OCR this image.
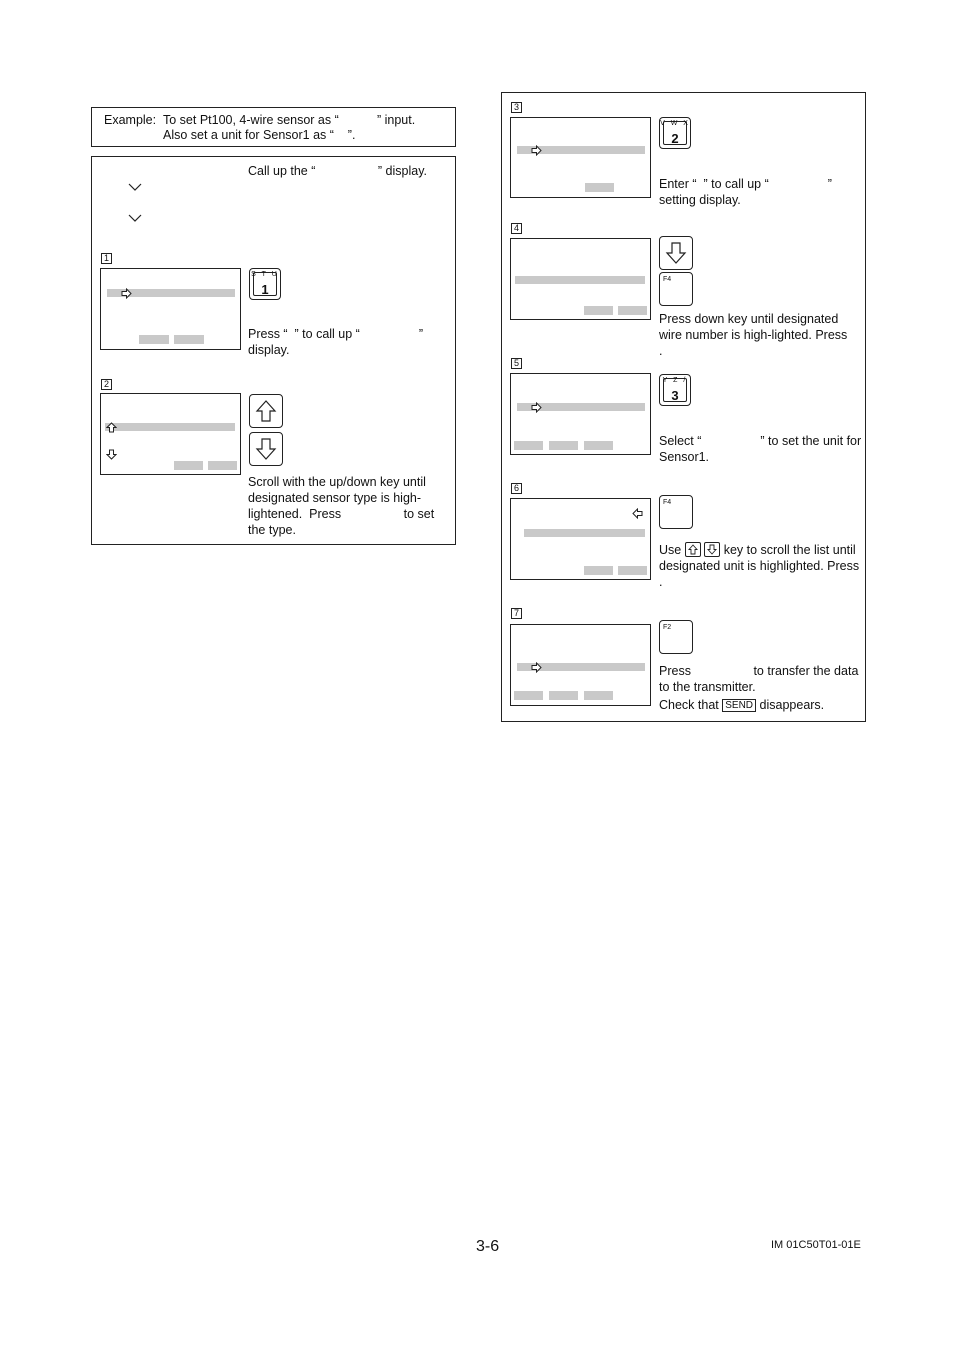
Example: To set Pt100, 4-wire sensor as “           ” input.
Also set a unit for Sensor1 as “    ”.
Call up the “                  ” display.
1
S T U
1
Press “  ” to call up “                 ” display.
2
Scroll with the up/down key until designated sensor type is high-lightened.  Press                  to set the type.
3
V W X
2
Enter “  ” to call up “                 ” setting display.
4
F4
Press down key until designated wire number is high-lighted. Press                   .
5
Y Z /
3
Select “                 ” to set the unit for Sensor1.
6
F4
Use
	key to scroll the list until designated unit is highlighted. Press                  .
7
F2
Press                  to transfer the data to the transmitter.
Check that SEND disappears.
3-6	IM 01C50T01-01E
